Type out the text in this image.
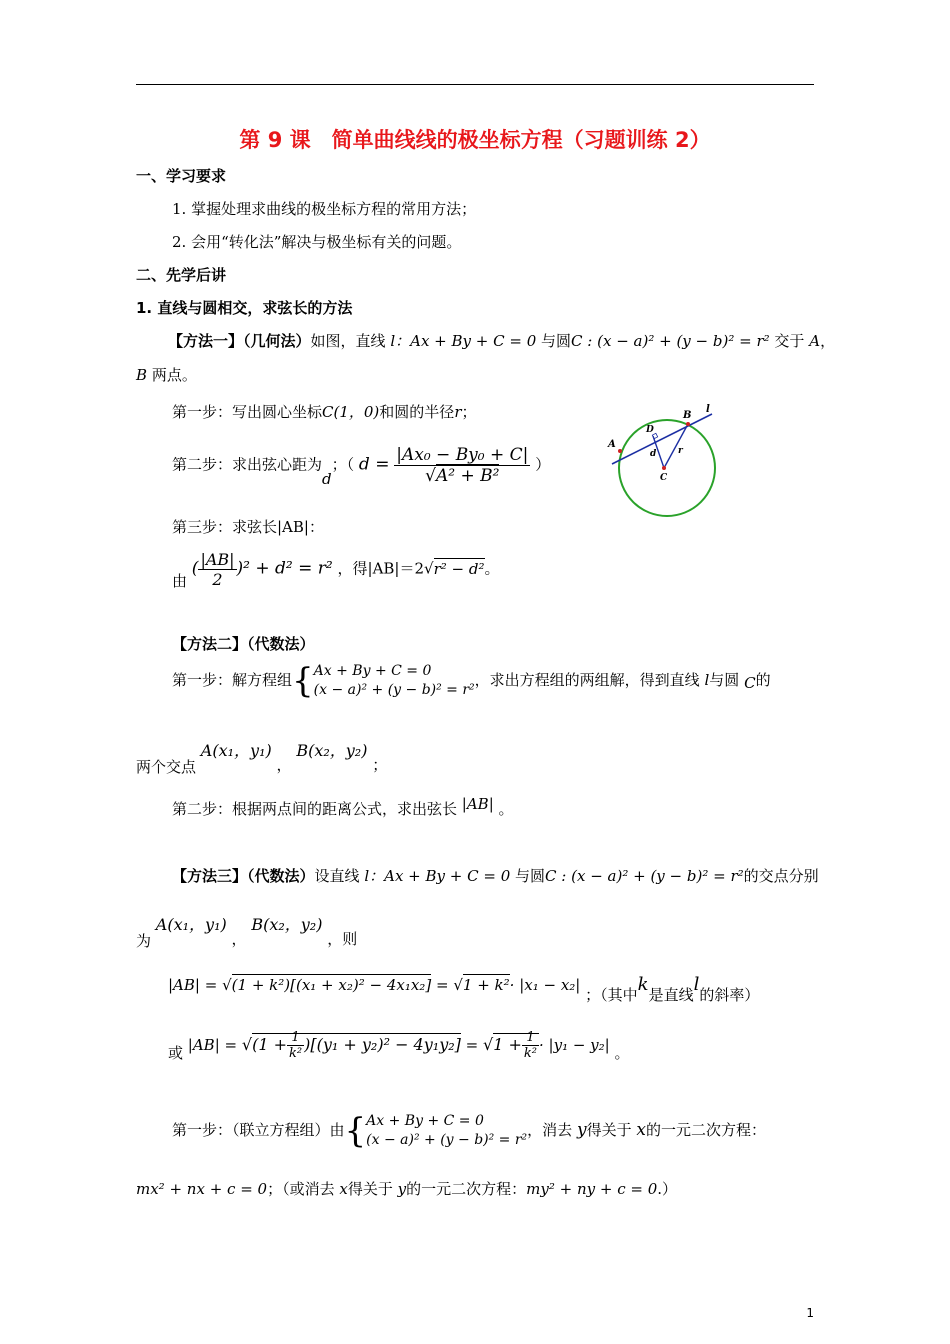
第 9 课　简单曲线线的极坐标方程（习题训练 2）
一、学习要求
1. 掌握处理求曲线的极坐标方程的常用方法；
2. 会用“转化法”解决与极坐标有关的问题。
二、先学后讲
1. 直线与圆相交，求弦长的方法
【方法一】（几何法）如图，直线 l：Ax + By + C = 0 与圆C : (x − a)² + (y − b)² = r² 交于 A，
B 两点。
第一步：写出圆心坐标C(1，0)和圆的半径r；
第二步：求出弦心距为d；（ $d = \frac{\text{|Ax₀ − By₀ + C|}}{\text{√A² + B²}}$ ）
第三步：求弦长|AB|：
由 ( $\frac{|AB|}{2} )^2 + d^2 = r^2$ ，得|AB|＝2√r² − d²。
A
B
D
d r
C
l
【方法二】（代数法）
第一步：解方程组{ Ax + By + C = 0
(x − a)² + (y − b)² = r²
，求出方程组的两组解，得到直线 l与圆 C的
两个交点 A(x₁，y₁) ， B(x₂，y₂) ；
第二步：根据两点间的距离公式，求出弦长 |AB| 。
【方法三】（代数法）设直线 l：Ax + By + C = 0 与圆C : (x − a)² + (y − b)² = r²的交点分别
为 A(x₁，y₁) ， B(x₂，y₂) ，则
|AB| = √(1 + k²)[(x₁ + x₂)² − 4x₁x₂] = √1 + k²· |x₁ − x₂| ；（其中k是直线l的斜率）
或 $|AB| = √(1 + \frac{1}{\text{k²}} )[(y_1 + y_2)^2 - 4y_1y_2] = √1 + \frac{1}{\text{k²}} \cdot |y_1 - y_2|$ 。
第一步：（联立方程组）由{ Ax + By + C = 0
(x − a)² + (y − b)² = r²
，消去 y得关于 x的一元二次方程：
mx² + nx + c = 0；（或消去 x得关于 y的一元二次方程：my² + ny + c = 0.）
1
